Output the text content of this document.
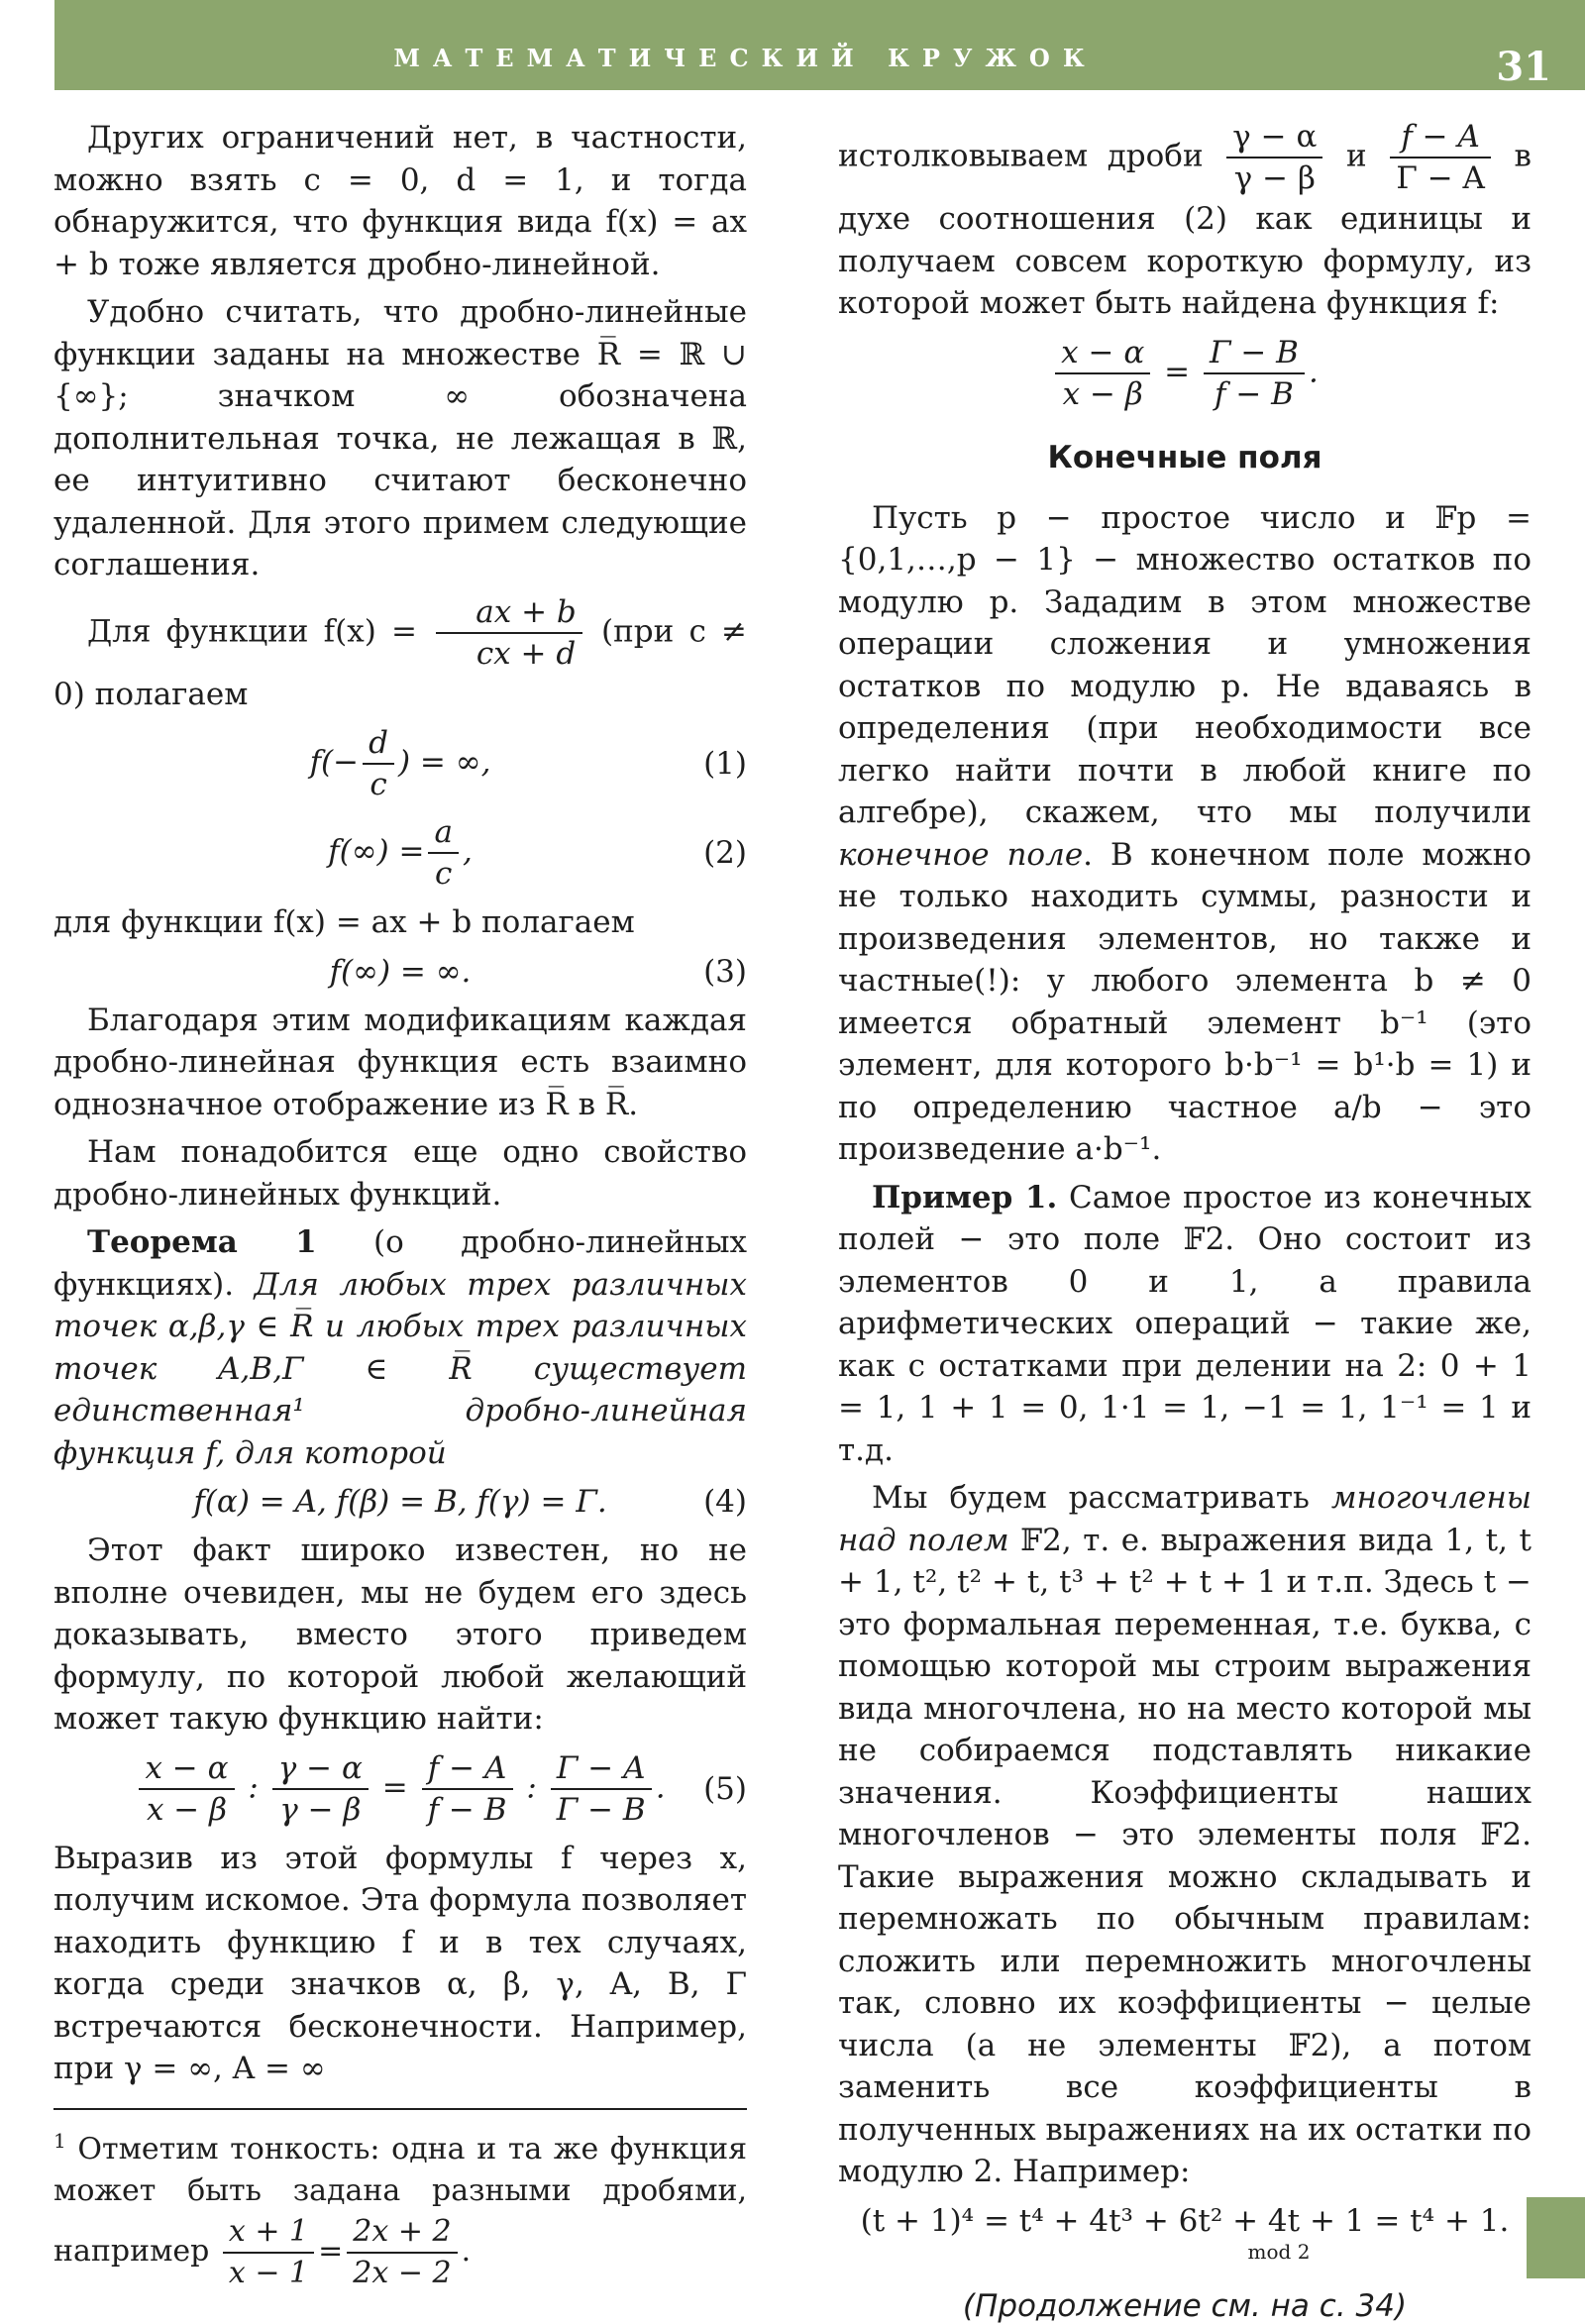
МАТЕМАТИЧЕСКИЙ КРУЖОК	31

Других ограничений нет, в частности, можно взять c = 0, d = 1, и тогда обнаружится, что функция вида f(x) = ax + b тоже является дробно-линейной.

Удобно считать, что дробно-линейные функции заданы на множестве R̅ = ℝ ∪ {∞}; значком ∞ обозначена дополнительная точка, не лежащая в ℝ, ее интуитивно считают бесконечно удаленной. Для этого примем следующие соглашения.

Для функции $f(x) = \frac{ax + b}{cx + d} (при$ c ≠ 0) полагаем

$f(- \frac{d}{c}$ ) = ∞,	(1)
$f(\infty) = \frac{a}{c}$ ,	(2)

для функции f(x) = ax + b полагаем

f(∞) = ∞.	(3)

Благодаря этим модификациям каждая дробно-линейная функция есть взаимно однозначное отображение из R̅ в R̅.

Нам понадобится еще одно свойство дробно-линейных функций.

Теорема 1 (о дробно-линейных функциях). Для любых трех различных точек α,β,γ ∈ R̅ и любых трех различных точек A,B,Γ ∈ R̅ существует единственная¹ дробно-линейная функция f, для которой

f(α) = A, f(β) = B, f(γ) = Γ.	(4)

Этот факт широко известен, но не вполне очевиден, мы не будем его здесь доказывать, вместо этого приведем формулу, по которой любой желающий может такую функцию найти:

$\frac{x - \alpha}{x - \beta}$ : $\frac{\gamma - \alpha}{\gamma - \beta} = \frac{f - A}{f - B}$ : $\frac{\Gamma - A}{\Gamma - B}$ . (5)

Выразив из этой формулы f через x, получим искомое. Эта формула позволяет находить функцию f и в тех случаях, когда среди значков α, β, γ, A, B, Γ встречаются бесконечности. Например, при γ = ∞, A = ∞

$^1$ Отметим тонкость: одна и та же функция может быть задана разными дробями, например $\frac{x + 1}{x - 1} = \frac{2x + 2}{2x - 2}$ .

истолковываем дроби $\frac{\gamma - \alpha}{\gamma - \beta}$ и $\frac{f - A}{\Gamma - A}$ в духе соотношения (2) как единицы и получаем совсем короткую формулу, из которой может быть найдена функция f:

$\frac{x - \alpha}{x - \beta} = \frac{\Gamma - B}{f - B}$ .
Конечные поля

Пусть p − простое число и 𝔽p = {0,1,…,p − 1} − множество остатков по модулю p. Зададим в этом множестве операции сложения и умножения остатков по модулю p. Не вдаваясь в определения (при необходимости все легко найти почти в любой книге по алгебре), скажем, что мы получили конечное поле. В конечном поле можно не только находить суммы, разности и произведения элементов, но также и частные(!): у любого элемента b ≠ 0 имеется обратный элемент b⁻¹ (это элемент, для которого b·b⁻¹ = b¹·b = 1) и по определению частное a/b − это произведение a·b⁻¹.

Пример 1. Самое простое из конечных полей − это поле 𝔽2. Оно состоит из элементов 0 и 1, а правила арифметических операций − такие же, как с остатками при делении на 2: 0 + 1 = 1, 1 + 1 = 0, 1·1 = 1, −1 = 1, 1⁻¹ = 1 и т.д.

Мы будем рассматривать многочлены над полем 𝔽2, т. е. выражения вида 1, t, t + 1, t², t² + t, t³ + t² + t + 1 и т.п. Здесь t − это формальная переменная, т.е. буква, с помощью которой мы строим выражения вида многочлена, но на место которой мы не собираемся подставлять никакие значения. Коэффициенты наших многочленов − это элементы поля 𝔽2. Такие выражения можно складывать и перемножать по обычным правилам: сложить или перемножить многочлены так, словно их коэффициенты − целые числа (а не элементы 𝔽2), а потом заменить все коэффициенты в полученных выражениях на их остатки по модулю 2. Например:

(t + 1)⁴ = t⁴ + 4t³ + 6t² + 4t + 1 = t⁴ + 1.
mod 2
(Продолжение см. на с. 34)
